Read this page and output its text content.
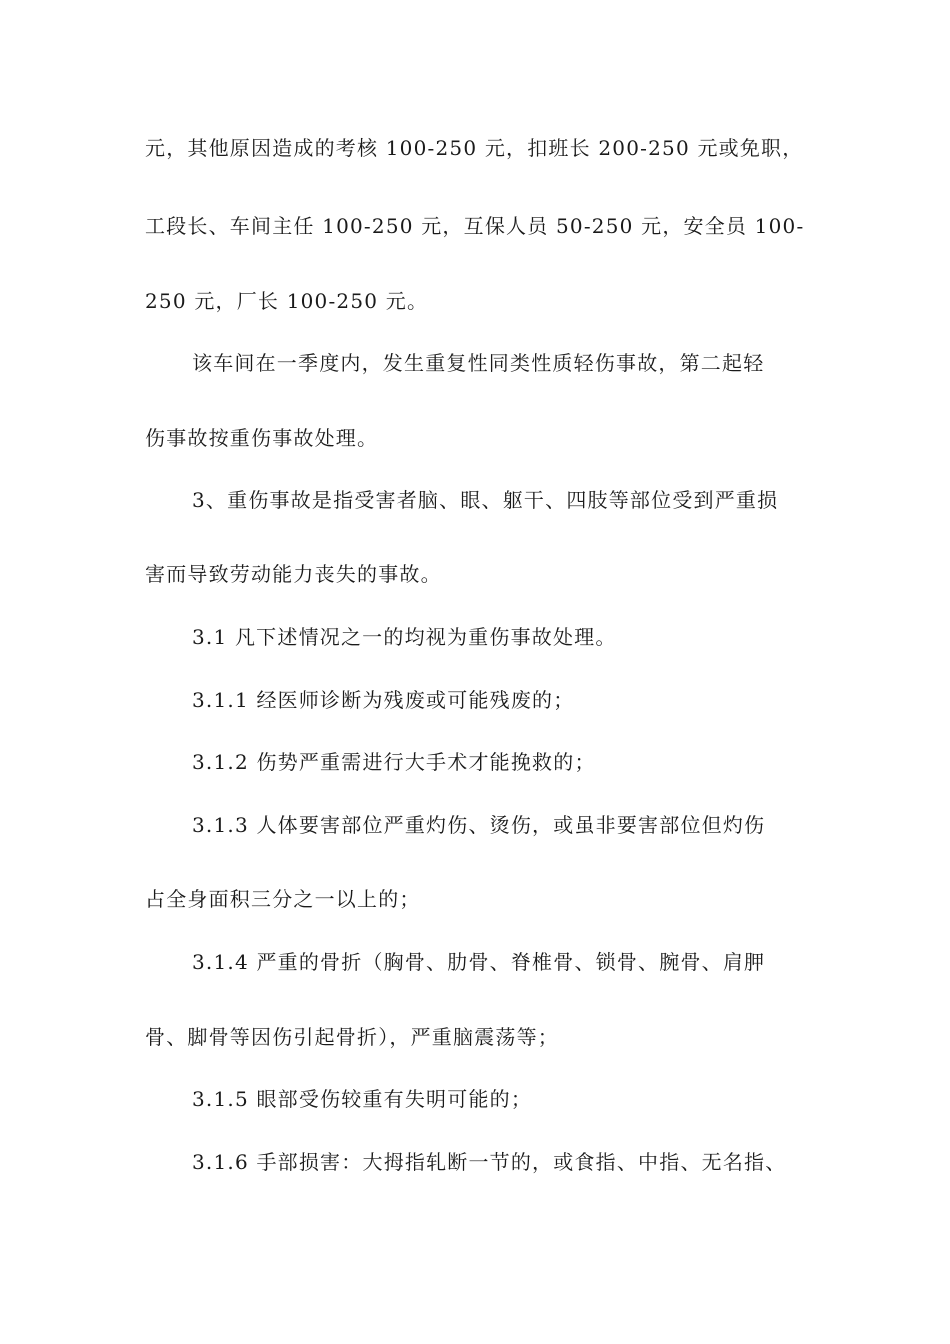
元，其他原因造成的考核 100-250 元，扣班长 200-250 元或免职，
工段长、车间主任 100-250 元，互保人员 50-250 元，安全员 100-
250 元，厂长 100-250 元。
该车间在一季度内，发生重复性同类性质轻伤事故，第二起轻
伤事故按重伤事故处理。
3、重伤事故是指受害者脑、眼、躯干、四肢等部位受到严重损
害而导致劳动能力丧失的事故。
3.1 凡下述情况之一的均视为重伤事故处理。
3.1.1 经医师诊断为残废或可能残废的；
3.1.2 伤势严重需进行大手术才能挽救的；
3.1.3 人体要害部位严重灼伤、烫伤，或虽非要害部位但灼伤
占全身面积三分之一以上的；
3.1.4 严重的骨折（胸骨、肋骨、脊椎骨、锁骨、腕骨、肩胛
骨、脚骨等因伤引起骨折），严重脑震荡等；
3.1.5 眼部受伤较重有失明可能的；
3.1.6 手部损害：大拇指轧断一节的，或食指、中指、无名指、
